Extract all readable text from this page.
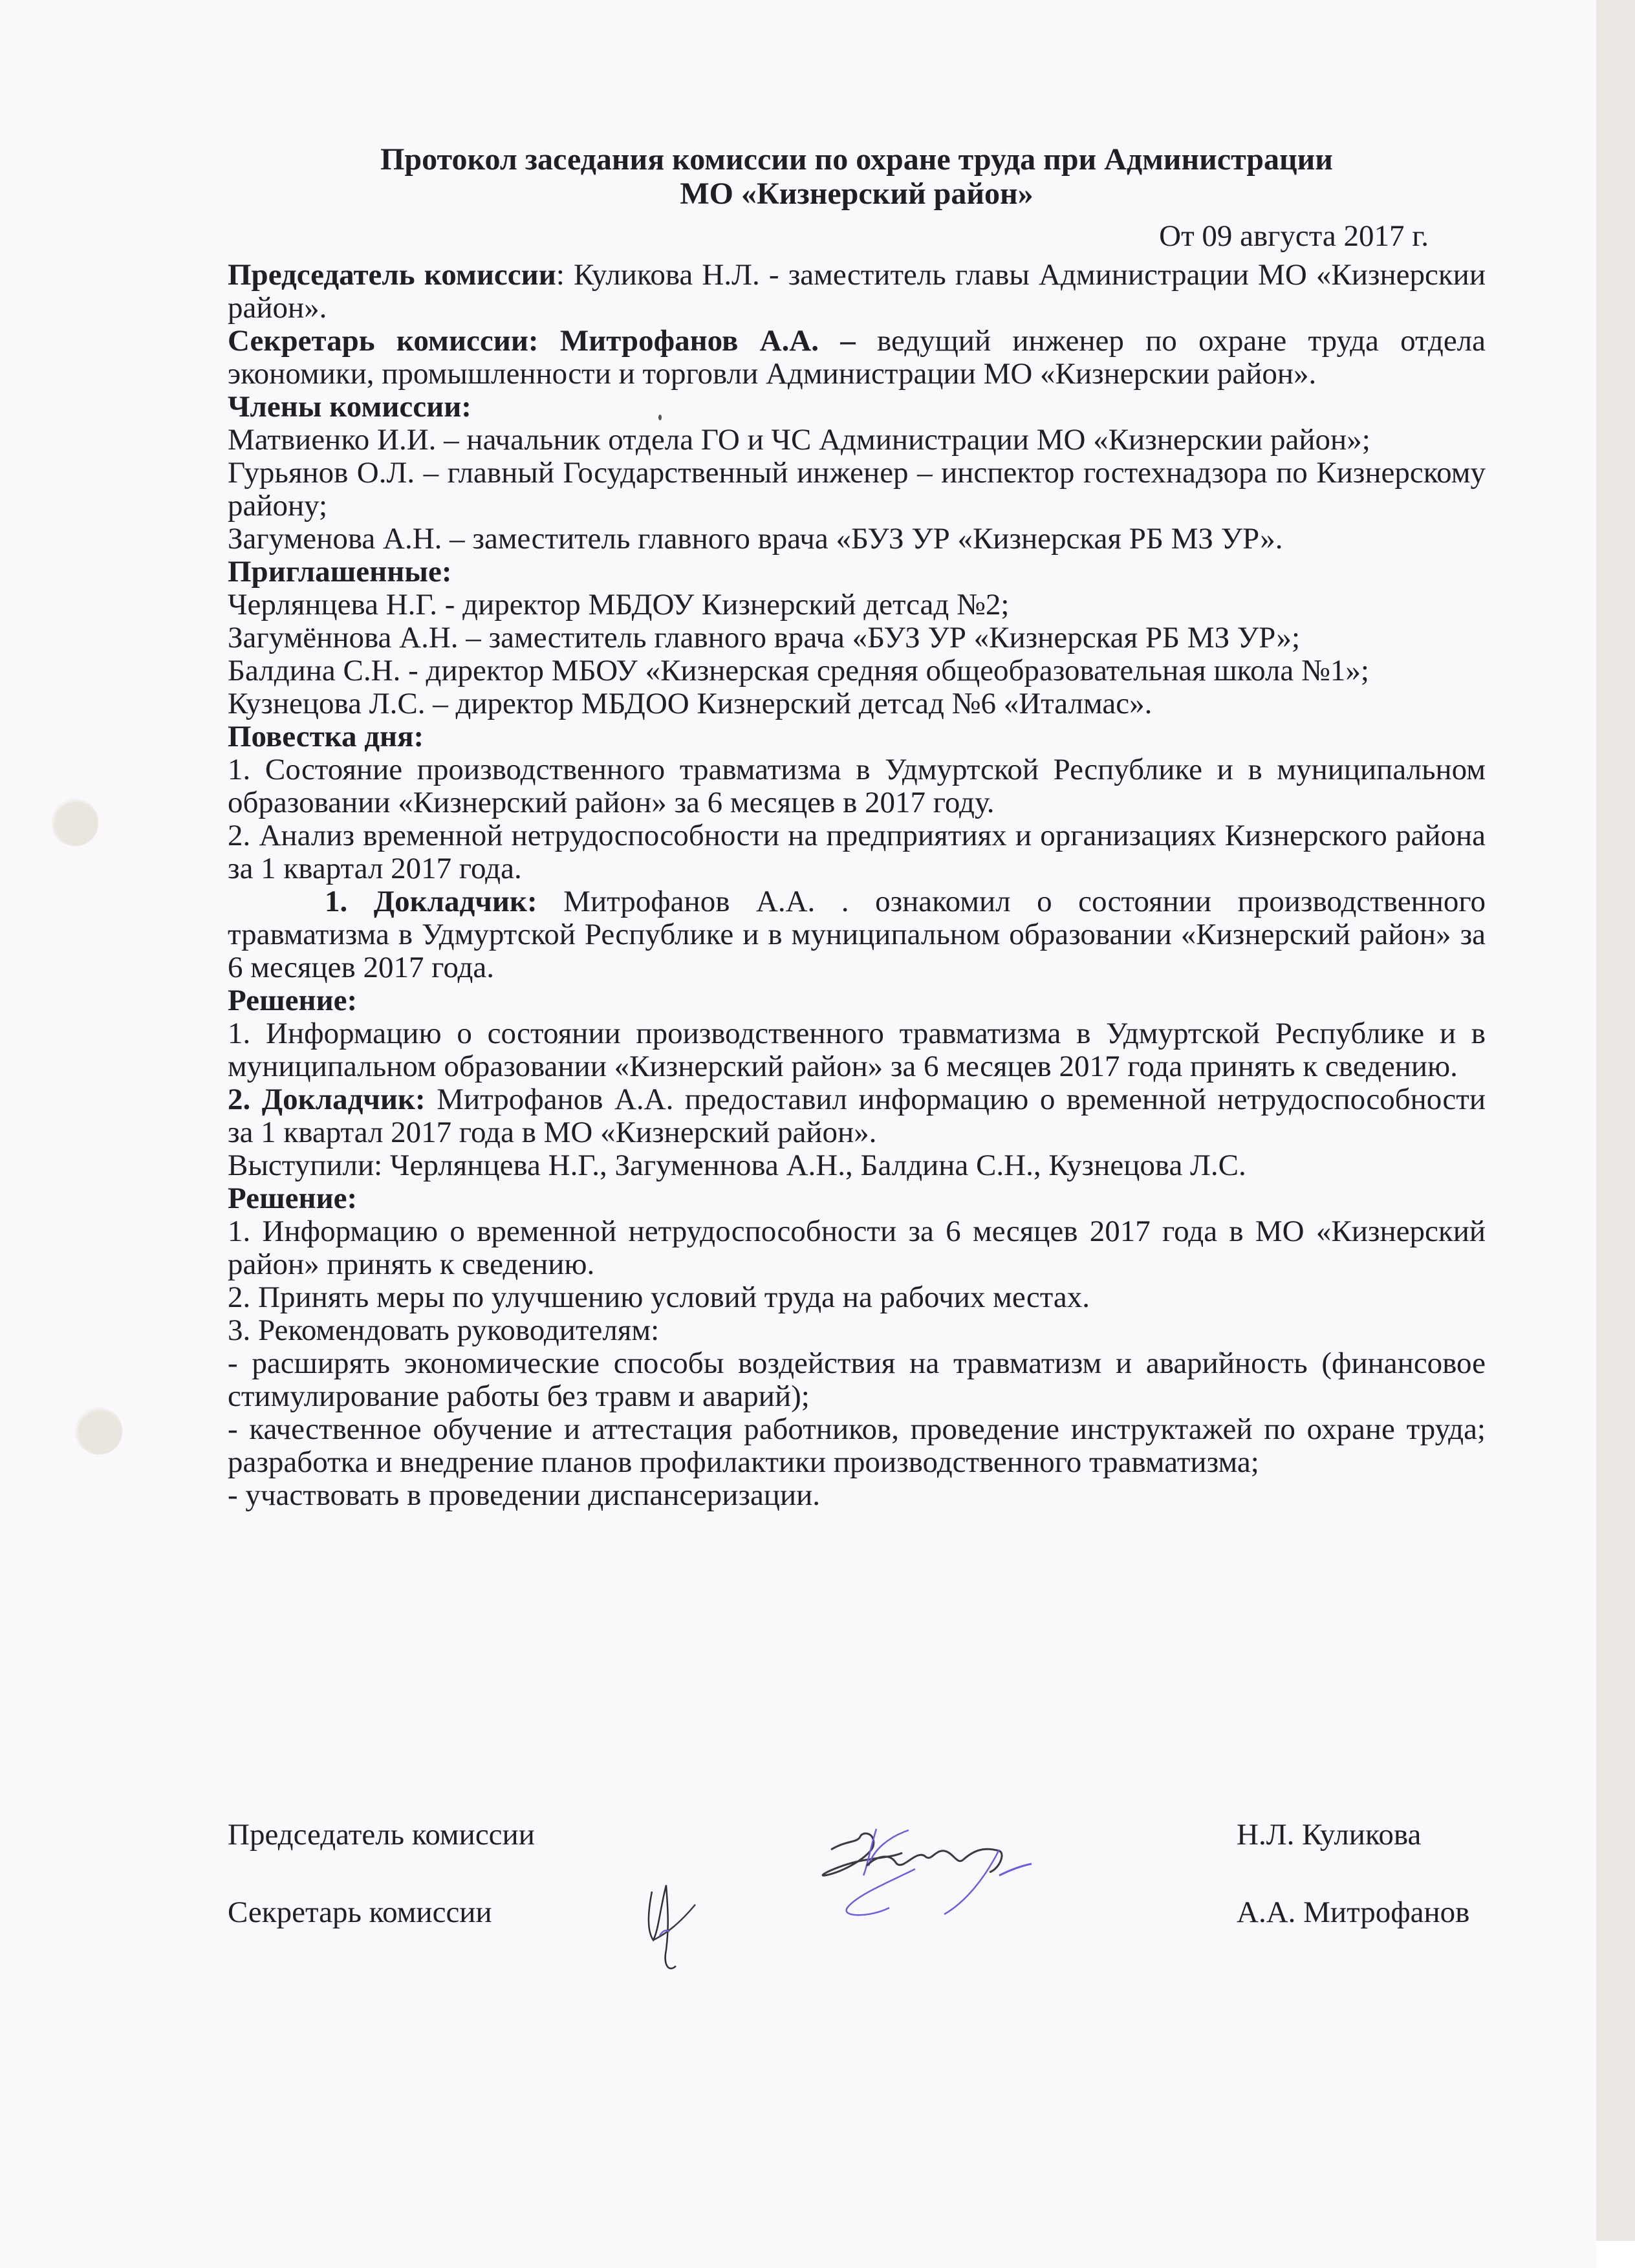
Протокол заседания комиссии по охране труда при Администрации
МО «Кизнерский район»
От 09 августа 2017 г.

Председатель комиссии: Куликова Н.Л. - заместитель главы Администрации МО «Кизнерскии район».

Секретарь комиссии: Митрофанов А.А. – ведущий инженер по охране труда отдела экономики, промышленности и торговли Администрации МО «Кизнерскии район».

Члены комиссии:

Матвиенко И.И. – начальник отдела ГО и ЧС Администрации МО «Кизнерскии район»;

Гурьянов О.Л. – главный Государственный инженер – инспектор гостехнадзора по Кизнерскому району;

Загуменова А.Н. – заместитель главного врача «БУЗ УР «Кизнерская РБ МЗ УР».

Приглашенные:

Черлянцева Н.Г. - директор МБДОУ Кизнерский детсад №2;

Загумённова А.Н. – заместитель главного врача «БУЗ УР «Кизнерская РБ МЗ УР»;

Балдина С.Н. - директор МБОУ «Кизнерская средняя общеобразовательная школа №1»;

Кузнецова Л.С. – директор МБДОО Кизнерский детсад №6 «Италмас».

Повестка дня:

1. Состояние производственного травматизма в Удмуртской Республике и в муниципальном образовании «Кизнерский район» за 6 месяцев в 2017 году.

2. Анализ временной нетрудоспособности на предприятиях и организациях Кизнерского района за 1 квартал 2017 года.

1. Докладчик: Митрофанов А.А. . ознакомил о состоянии производственного травматизма в Удмуртской Республике и в муниципальном образовании «Кизнерский район» за 6 месяцев 2017 года.

Решение:

1. Информацию о состоянии производственного травматизма в Удмуртской Республике и в муниципальном образовании «Кизнерский район» за 6 месяцев 2017 года принять к сведению.

2. Докладчик: Митрофанов А.А. предоставил информацию о временной нетрудоспособности за 1 квартал 2017 года в МО «Кизнерский район».

Выступили: Черлянцева Н.Г., Загуменнова А.Н., Балдина С.Н., Кузнецова Л.С.

Решение:

1. Информацию о временной нетрудоспособности за 6 месяцев 2017 года в МО «Кизнерский район» принять к сведению.

2. Принять меры по улучшению условий труда на рабочих местах.

3. Рекомендовать руководителям:

- расширять экономические способы воздействия на травматизм и аварийность (финансовое стимулирование работы без травм и аварий);

- качественное обучение и аттестация работников, проведение инструктажей по охране труда; разработка и внедрение планов профилактики производственного травматизма;

- участвовать в проведении диспансеризации.

Председатель комиссии	Н.Л. Куликова
Секретарь комиссии	А.А. Митрофанов
